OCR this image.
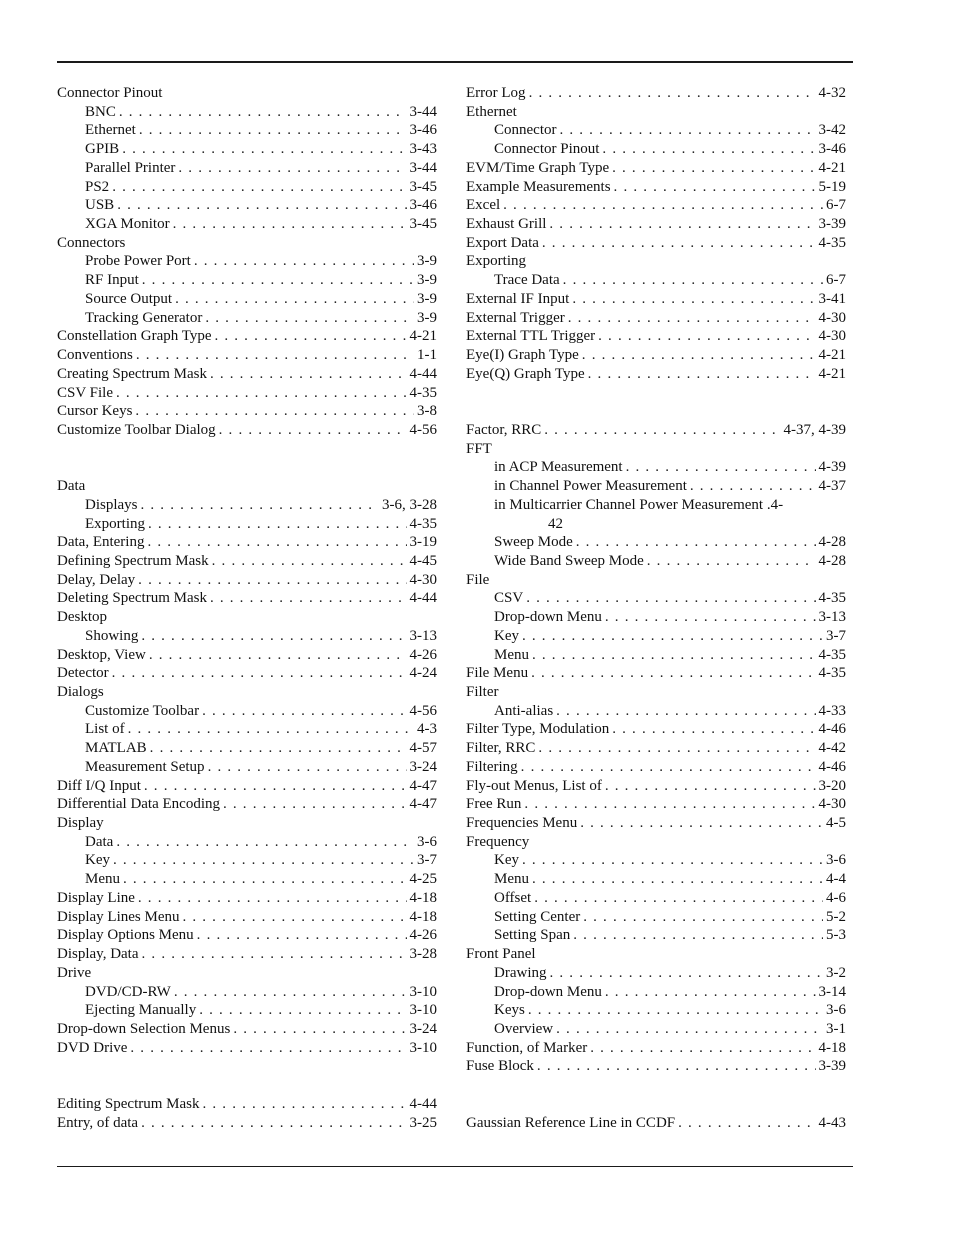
Connector Pinout
BNC . . .	3-44
Ethernet . . .	3-46
GPIB . . .	3-43
Parallel Printer . . .	3-44
PS2 . . .	3-45
USB . . .	3-46
XGA Monitor . . .	3-45
Connectors
Probe Power Port . . .	3-9
RF Input . . .	3-9
Source Output . . .	3-9
Tracking Generator . . .	3-9
Constellation Graph Type . . .	4-21
Conventions . . .	1-1
Creating Spectrum Mask . . .	4-44
CSV File . . .	4-35
Cursor Keys . . .	3-8
Customize Toolbar Dialog . . .	4-56
Data
Displays . . .	3-6, 3-28
Exporting . . .	4-35
Data, Entering . . .	3-19
Defining Spectrum Mask . . .	4-45
Delay, Delay . . .	4-30
Deleting Spectrum Mask . . .	4-44
Desktop
Showing . . .	3-13
Desktop, View . . .	4-26
Detector . . .	4-24
Dialogs
Customize Toolbar . . .	4-56
List of . . .	4-3
MATLAB . . .	4-57
Measurement Setup . . .	3-24
Diff I/Q Input . . .	4-47
Differential Data Encoding . . .	4-47
Display
Data . . .	3-6
Key . . .	3-7
Menu . . .	4-25
Display Line . . .	4-18
Display Lines Menu . . .	4-18
Display Options Menu . . .	4-26
Display, Data . . .	3-28
Drive
DVD/CD-RW . . .	3-10
Ejecting Manually . . .	3-10
Drop-down Selection Menus . . .	3-24
DVD Drive . . .	3-10
Editing Spectrum Mask . . .	4-44
Entry, of data . . .	3-25
Error Log . . .	4-32
Ethernet
Connector . . .	3-42
Connector Pinout . . .	3-46
EVM/Time Graph Type . . .	4-21
Example Measurements . . .	5-19
Excel . . .	6-7
Exhaust Grill . . .	3-39
Export Data . . .	4-35
Exporting
Trace Data . . .	6-7
External IF Input . . .	3-41
External Trigger . . .	4-30
External TTL Trigger . . .	4-30
Eye(I) Graph Type . . .	4-21
Eye(Q) Graph Type . . .	4-21
Factor, RRC . . .	4-37, 4-39
FFT
in ACP Measurement . . .	4-39
in Channel Power Measurement . . .	4-37
in Multicarrier Channel Power Measurement .4-
42
Sweep Mode . . .	4-28
Wide Band Sweep Mode . . .	4-28
File
CSV . . .	4-35
Drop-down Menu . . .	3-13
Key . . .	3-7
Menu . . .	4-35
File Menu . . .	4-35
Filter
Anti-alias . . .	4-33
Filter Type, Modulation . . .	4-46
Filter, RRC . . .	4-42
Filtering . . .	4-46
Fly-out Menus, List of . . .	3-20
Free Run . . .	4-30
Frequencies Menu . . .	4-5
Frequency
Key . . .	3-6
Menu . . .	4-4
Offset . . .	4-6
Setting Center . . .	5-2
Setting Span . . .	5-3
Front Panel
Drawing . . .	3-2
Drop-down Menu . . .	3-14
Keys . . .	3-6
Overview . . .	3-1
Function, of Marker . . .	4-18
Fuse Block . . .	3-39
Gaussian Reference Line in CCDF . . .	4-43
